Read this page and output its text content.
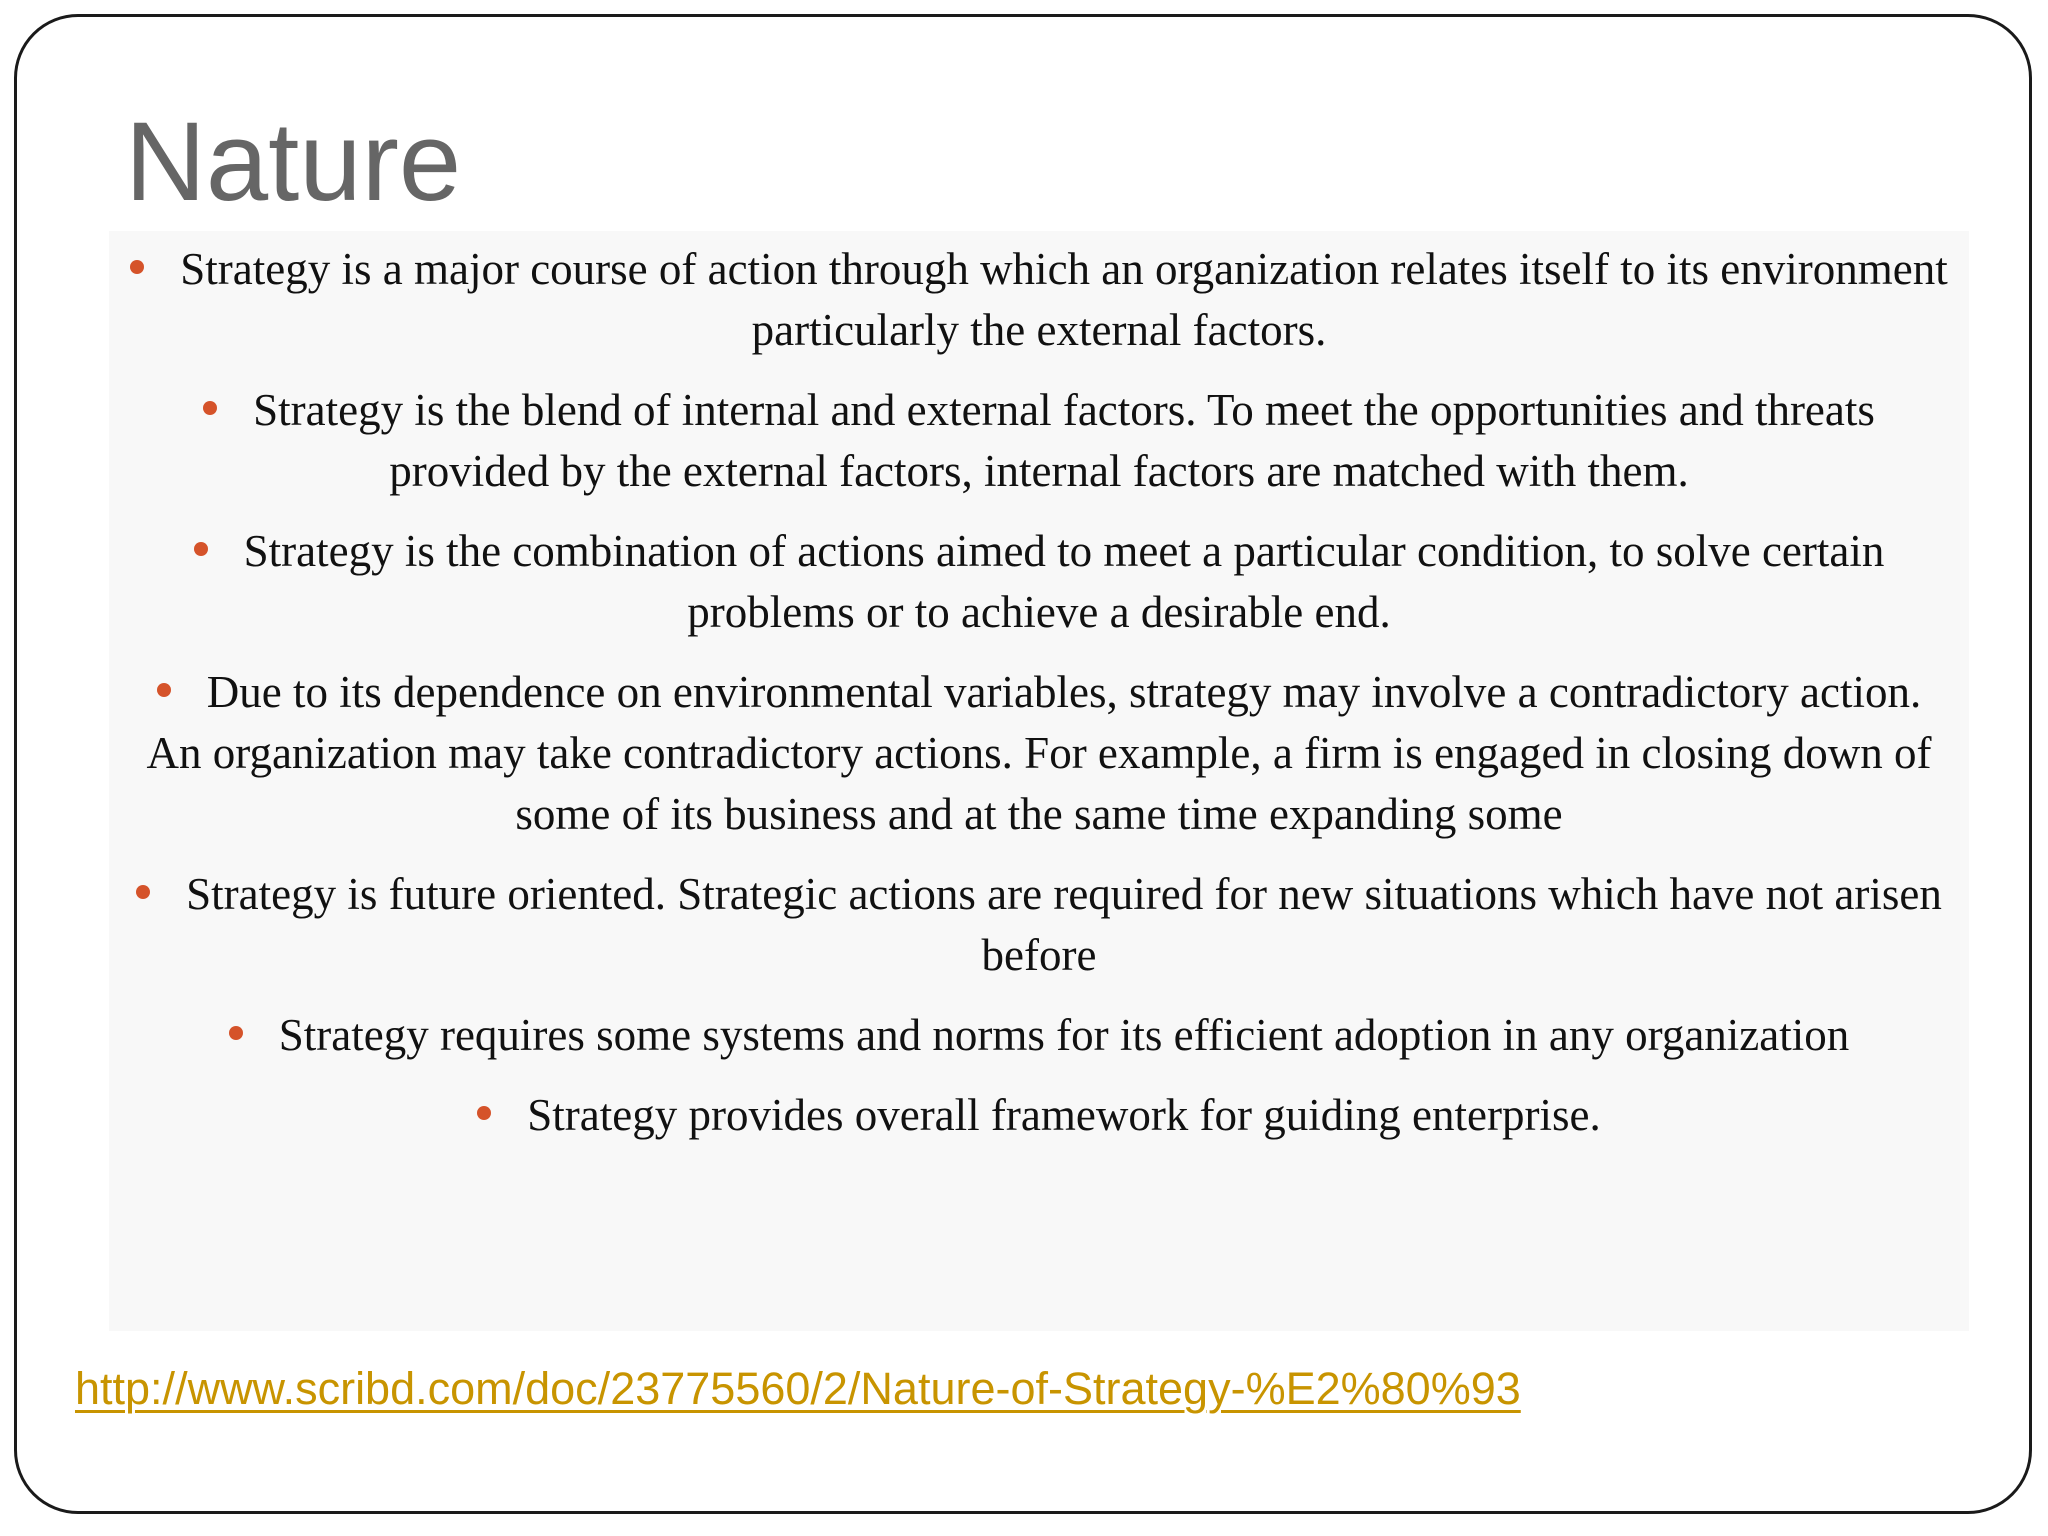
Nature
Strategy is a major course of action through which an organization relates itself to its environment particularly the external factors.
Strategy is the blend of internal and external factors. To meet the opportunities and threats provided by the external factors, internal factors are matched with them.
Strategy is the combination of actions aimed to meet a particular condition, to solve certain problems or to achieve a desirable end.
Due to its dependence on environmental variables, strategy may involve a contradictory action. An organization may take contradictory actions. For example, a firm is engaged in closing down of some of its business and at the same time expanding some
Strategy is future oriented. Strategic actions are required for new situations which have not arisen before
Strategy requires some systems and norms for its efficient adoption in any organization
Strategy provides overall framework for guiding enterprise.
http://www.scribd.com/doc/23775560/2/Nature-of-Strategy-%E2%80%93
